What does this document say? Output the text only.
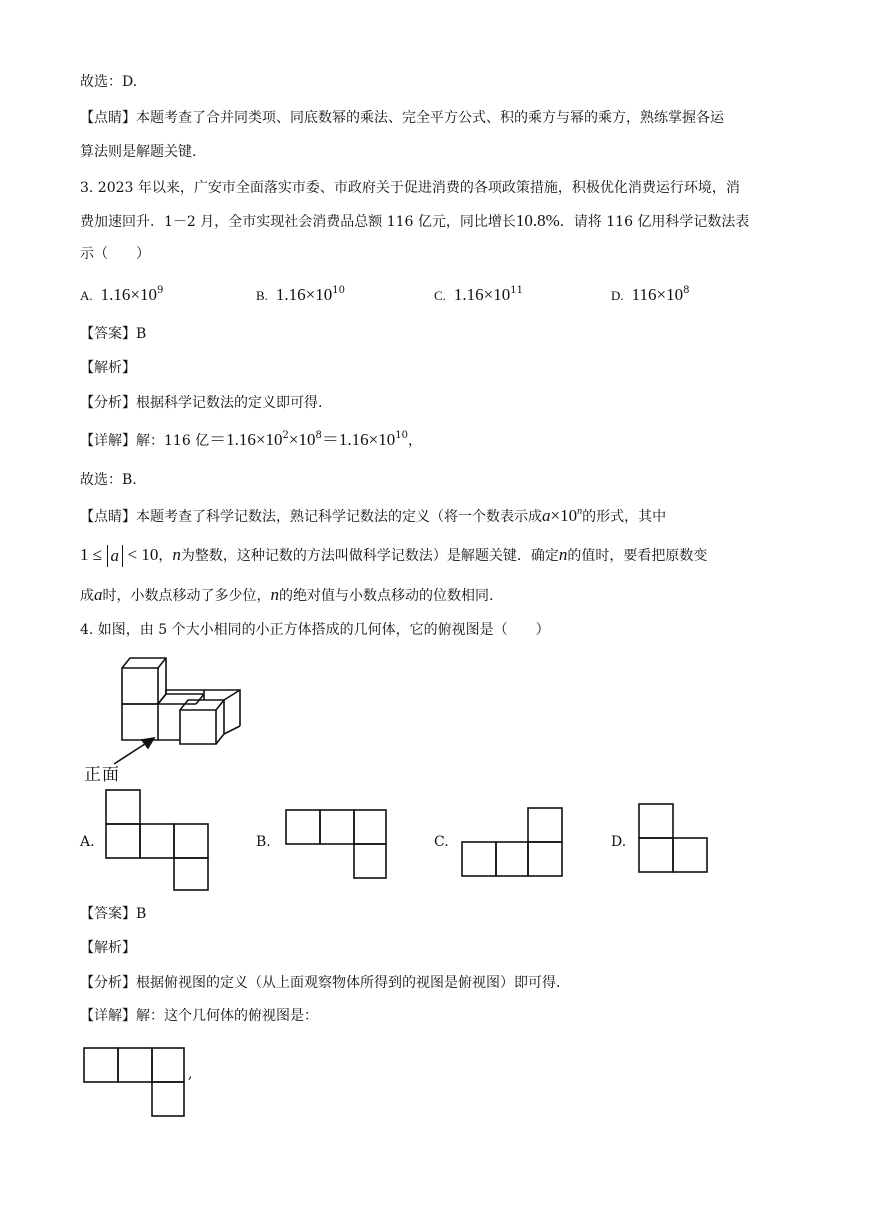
故选：D.
【点睛】本题考查了合并同类项、同底数幂的乘法、完全平方公式、积的乘方与幂的乘方，熟练掌握各运
算法则是解题关键.
3. 2023 年以来，广安市全面落实市委、市政府关于促进消费的各项政策措施，积极优化消费运行环境，消
费加速回升．1－2 月，全市实现社会消费品总额 116 亿元，同比增长10.8%．请将 116 亿用科学记数法表
示（　　）
A. $1.16\times 10^9$	B. $1.16\times 10^{10}$	C. $1.16\times 10^{11}$	D. $116\times 10^8$
【答案】B
【解析】
【分析】根据科学记数法的定义即可得.
【详解】解：116 亿$=1.16\times 10^2\times 10^8=1.16\times 10^{10}$，
故选：B.
【点睛】本题考查了科学记数法，熟记科学记数法的定义（将一个数表示成$a\times 10^n$的形式，其中
1 ≤ a < 10，n为整数，这种记数的方法叫做科学记数法）是解题关键．确定n的值时，要看把原数变
成a时，小数点移动了多少位，n的绝对值与小数点移动的位数相同.
4. 如图，由 5 个大小相同的小正方体搭成的几何体，它的俯视图是（　　）
正面
A.	B.	C.	D.
【答案】B
【解析】
【分析】根据俯视图的定义（从上面观察物体所得到的视图是俯视图）即可得.
【详解】解：这个几何体的俯视图是：
,
